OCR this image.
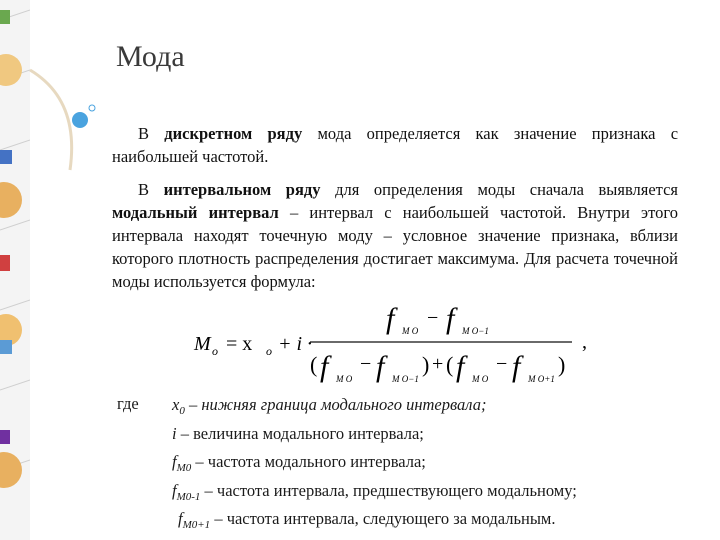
Мода
В дискретном ряду мода определяется как значение признака с наибольшей частотой.
В интервальном ряду для определения моды сначала выявляется модальный интервал – интервал с наибольшей частотой. Внутри этого интервала находят точечную моду – условное значение признака, вблизи которого плотность распределения достигает максимума. Для расчета точечной моды используется формула:
M o = x o + i ·
f M O
− f M O−1
( f M O
− f M O−1
) + ( f M O
− f M O+1
)
,
где $x_0$ – нижняя граница модального интервала;
i – величина модального интервала;
$f_{M0}$ – частота модального интервала;
$f_{M0-1}$ – частота интервала, предшествующего модальному;
$f_{M0+1}$ – частота интервала, следующего за модальным.
